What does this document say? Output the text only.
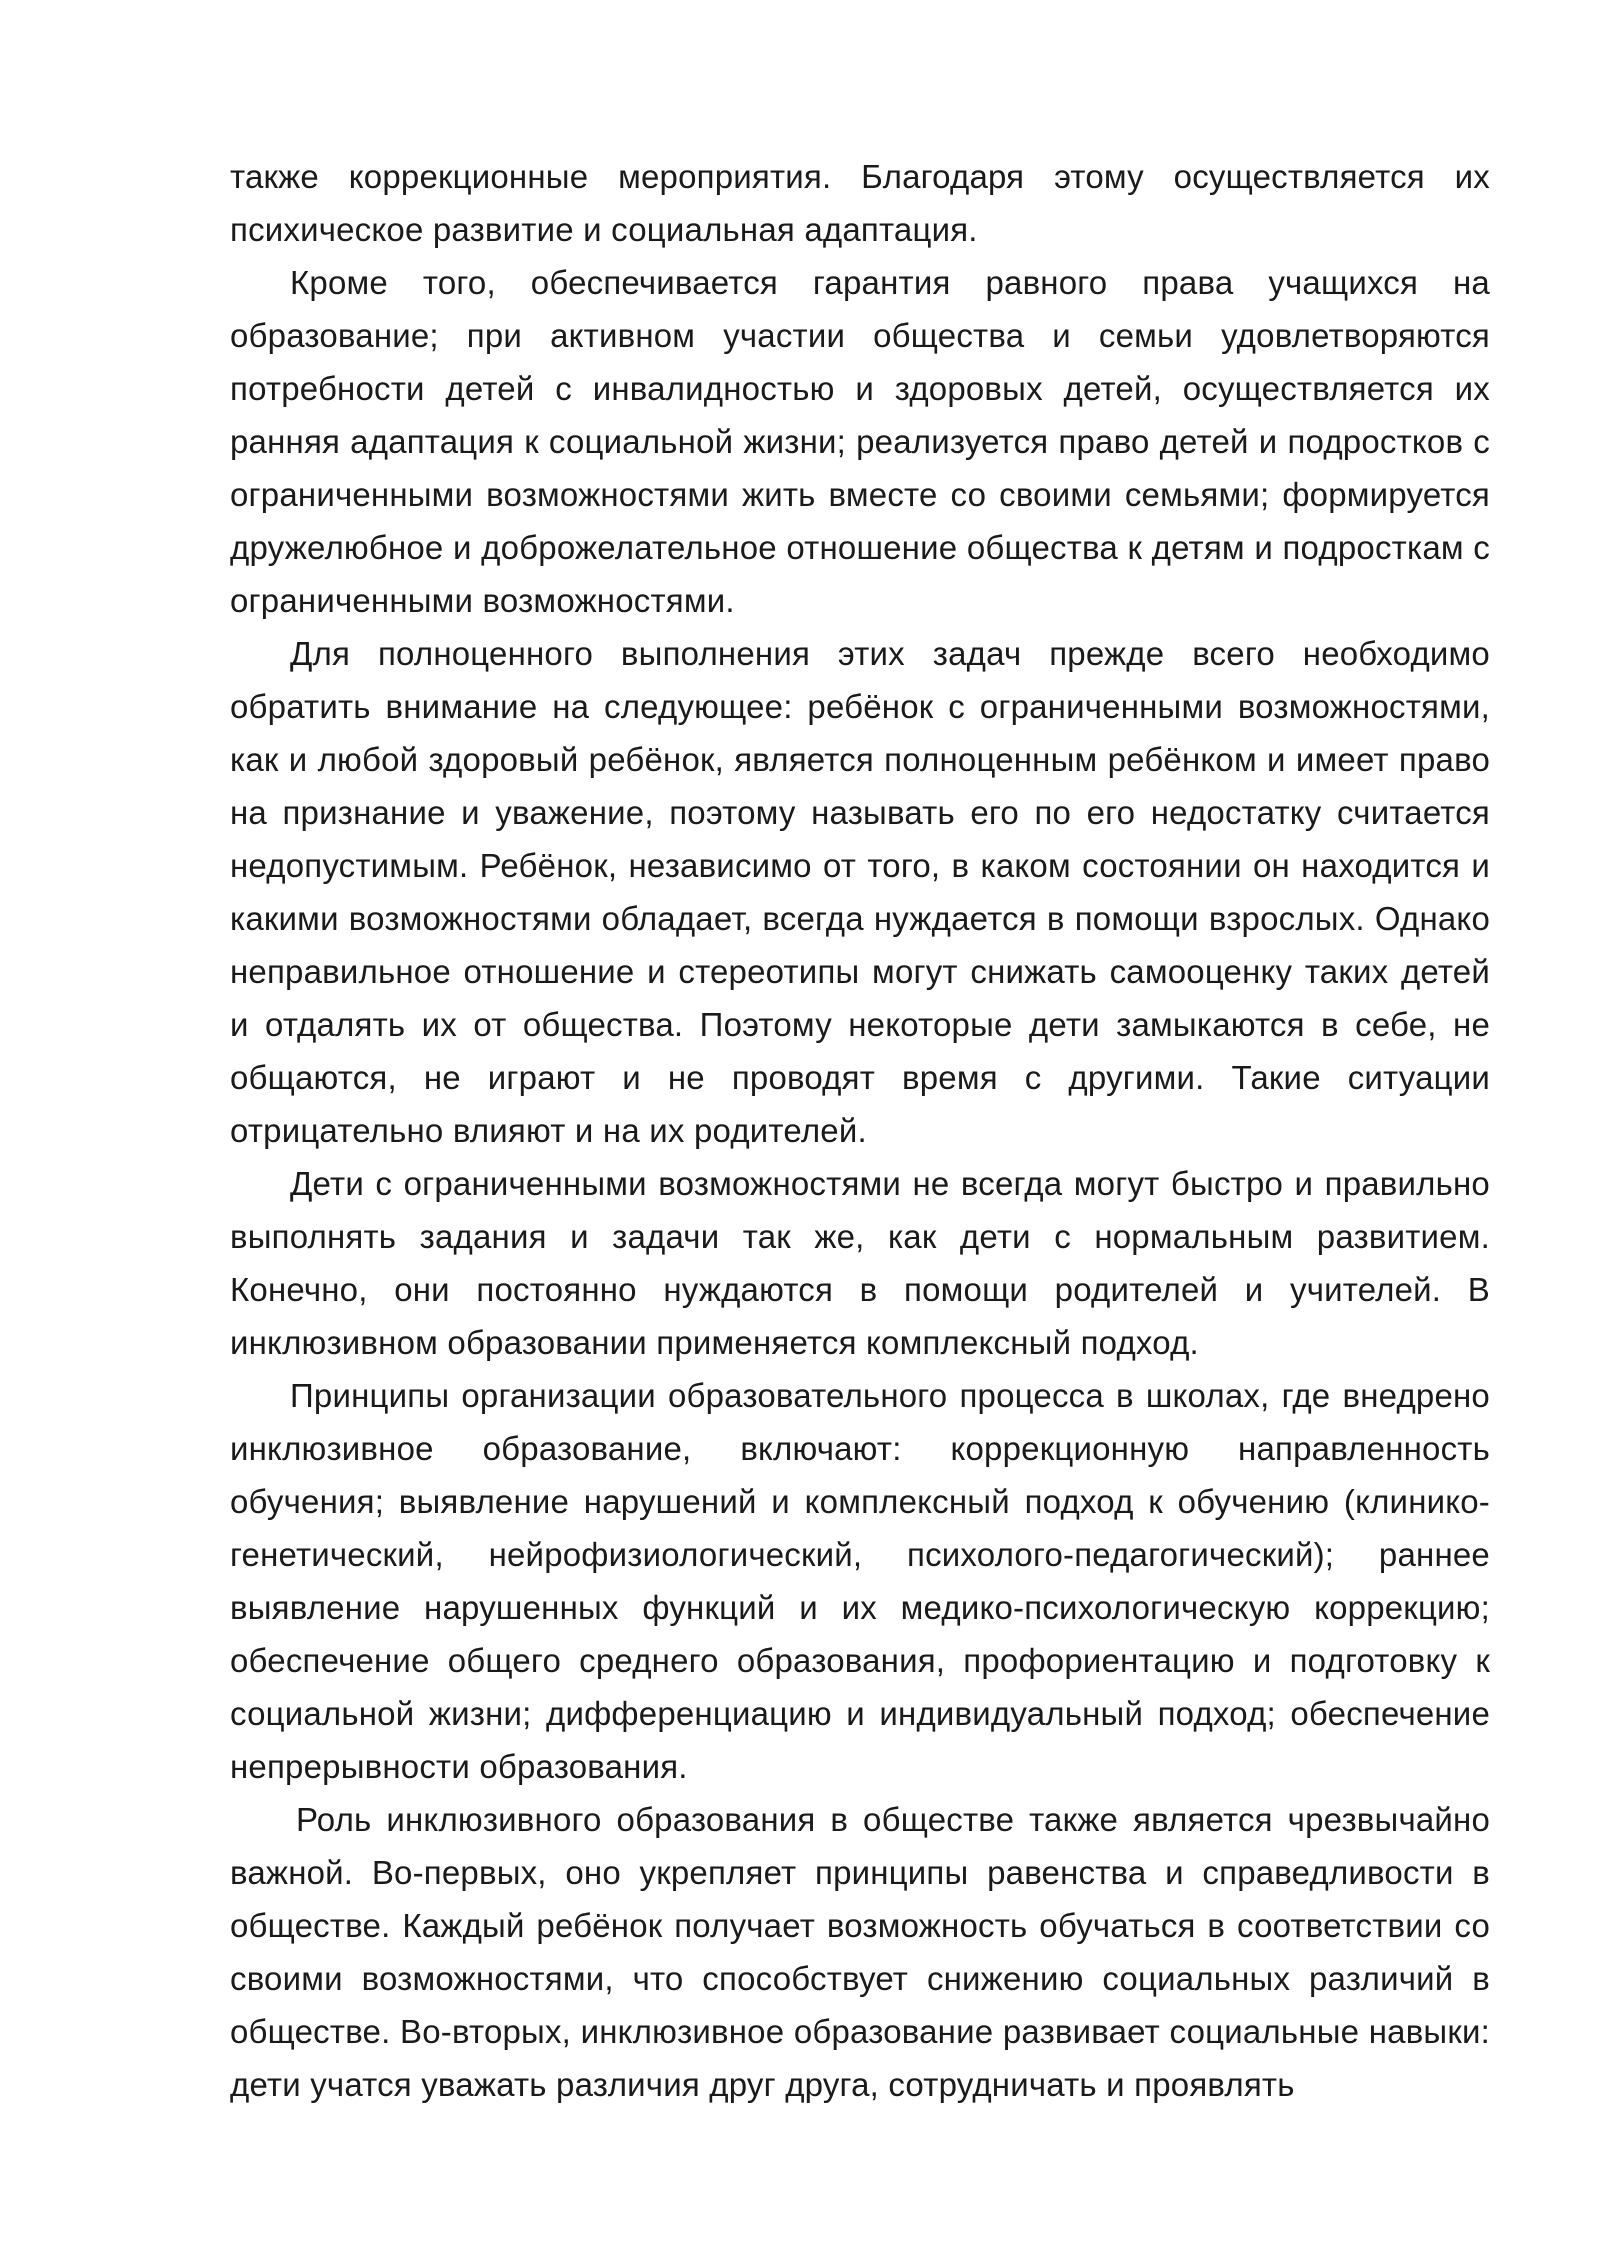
также коррекционные мероприятия. Благодаря этому осуществляется их психическое развитие и социальная адаптация.

Кроме того, обеспечивается гарантия равного права учащихся на образование; при активном участии общества и семьи удовлетворяются потребности детей с инвалидностью и здоровых детей, осуществляется их ранняя адаптация к социальной жизни; реализуется право детей и подростков с ограниченными возможностями жить вместе со своими семьями; формируется дружелюбное и доброжелательное отношение общества к детям и подросткам с ограниченными возможностями.

Для полноценного выполнения этих задач прежде всего необходимо обратить внимание на следующее: ребёнок с ограниченными возможностями, как и любой здоровый ребёнок, является полноценным ребёнком и имеет право на признание и уважение, поэтому называть его по его недостатку считается недопустимым. Ребёнок, независимо от того, в каком состоянии он находится и какими возможностями обладает, всегда нуждается в помощи взрослых. Однако неправильное отношение и стереотипы могут снижать самооценку таких детей и отдалять их от общества. Поэтому некоторые дети замыкаются в себе, не общаются, не играют и не проводят время с другими. Такие ситуации отрицательно влияют и на их родителей.

Дети с ограниченными возможностями не всегда могут быстро и правильно выполнять задания и задачи так же, как дети с нормальным развитием. Конечно, они постоянно нуждаются в помощи родителей и учителей. В инклюзивном образовании применяется комплексный подход.

Принципы организации образовательного процесса в школах, где внедрено инклюзивное образование, включают: коррекционную направленность обучения; выявление нарушений и комплексный подход к обучению (клинико-генетический, нейрофизиологический, психолого-педагогический); раннее выявление нарушенных функций и их медико-психологическую коррекцию; обеспечение общего среднего образования, профориентацию и подготовку к социальной жизни; дифференциацию и индивидуальный подход; обеспечение непрерывности образования.

Роль инклюзивного образования в обществе также является чрезвычайно важной. Во-первых, оно укрепляет принципы равенства и справедливости в обществе. Каждый ребёнок получает возможность обучаться в соответствии со своими возможностями, что способствует снижению социальных различий в обществе. Во-вторых, инклюзивное образование развивает социальные навыки: дети учатся уважать различия друг друга, сотрудничать и проявлять
